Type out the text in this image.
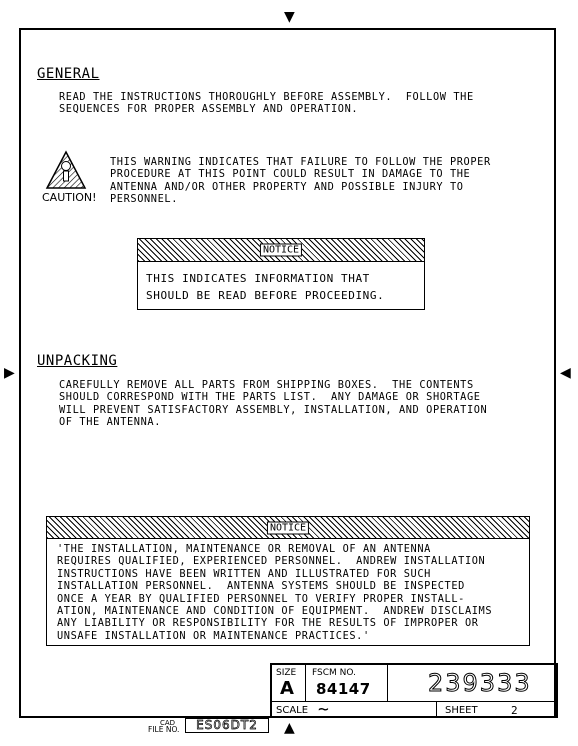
▼
▲
▶	◀
GENERAL
READ THE INSTRUCTIONS THOROUGHLY BEFORE ASSEMBLY.  FOLLOW THE
SEQUENCES FOR PROPER ASSEMBLY AND OPERATION.
CAUTION!
THIS WARNING INDICATES THAT FAILURE TO FOLLOW THE PROPER
PROCEDURE AT THIS POINT COULD RESULT IN DAMAGE TO THE
ANTENNA AND/OR OTHER PROPERTY AND POSSIBLE INJURY TO
PERSONNEL.
NOTICE
THIS INDICATES INFORMATION THAT
SHOULD BE READ BEFORE PROCEEDING.
UNPACKING
CAREFULLY REMOVE ALL PARTS FROM SHIPPING BOXES.  THE CONTENTS
SHOULD CORRESPOND WITH THE PARTS LIST.  ANY DAMAGE OR SHORTAGE
WILL PREVENT SATISFACTORY ASSEMBLY, INSTALLATION, AND OPERATION
OF THE ANTENNA.
NOTICE
'THE INSTALLATION, MAINTENANCE OR REMOVAL OF AN ANTENNA
REQUIRES QUALIFIED, EXPERIENCED PERSONNEL.  ANDREW INSTALLATION
INSTRUCTIONS HAVE BEEN WRITTEN AND ILLUSTRATED FOR SUCH
INSTALLATION PERSONNEL.  ANTENNA SYSTEMS SHOULD BE INSPECTED
ONCE A YEAR BY QUALIFIED PERSONNEL TO VERIFY PROPER INSTALL-
ATION, MAINTENANCE AND CONDITION OF EQUIPMENT.  ANDREW DISCLAIMS
ANY LIABILITY OR RESPONSIBILITY FOR THE RESULTS OF IMPROPER OR
UNSAFE INSTALLATION OR MAINTENANCE PRACTICES.'
SIZE
A
FSCM NO.
84147 239333
SCALE ~	SHEET	2
CAD
FILE NO.	ES06DT2
